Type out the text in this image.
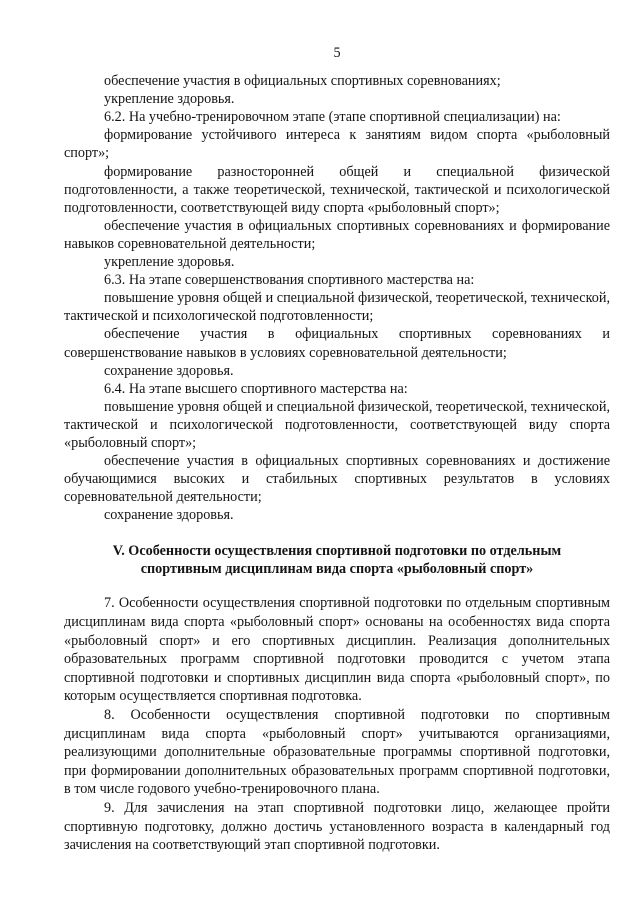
5

обеспечение участия в официальных спортивных соревнованиях;

укрепление здоровья.

6.2. На учебно-тренировочном этапе (этапе спортивной специализации) на:

формирование устойчивого интереса к занятиям видом спорта «рыболовный спорт»;

формирование разносторонней общей и специальной физической подготовленности, а также теоретической, технической, тактической и психологической подготовленности, соответствующей виду спорта «рыболовный спорт»;

обеспечение участия в официальных спортивных соревнованиях и формирование навыков соревновательной деятельности;

укрепление здоровья.

6.3. На этапе совершенствования спортивного мастерства на:

повышение уровня общей и специальной физической, теоретической, технической, тактической и психологической подготовленности;

обеспечение участия в официальных спортивных соревнованиях и совершенствование навыков в условиях соревновательной деятельности;

сохранение здоровья.

6.4. На этапе высшего спортивного мастерства на:

повышение уровня общей и специальной физической, теоретической, технической, тактической и психологической подготовленности, соответствующей виду спорта «рыболовный спорт»;

обеспечение участия в официальных спортивных соревнованиях и достижение обучающимися высоких и стабильных спортивных результатов в условиях соревновательной деятельности;

сохранение здоровья.

V. Особенности осуществления спортивной подготовки по отдельным
спортивным дисциплинам вида спорта «рыболовный спорт»

7. Особенности осуществления спортивной подготовки по отдельным спортивным дисциплинам вида спорта «рыболовный спорт» основаны на особенностях вида спорта «рыболовный спорт» и его спортивных дисциплин. Реализация дополнительных образовательных программ спортивной подготовки проводится с учетом этапа спортивной подготовки и спортивных дисциплин вида спорта «рыболовный спорт», по которым осуществляется спортивная подготовка.

8. Особенности осуществления спортивной подготовки по спортивным дисциплинам вида спорта «рыболовный спорт» учитываются организациями, реализующими дополнительные образовательные программы спортивной подготовки, при формировании дополнительных образовательных программ спортивной подготовки, в том числе годового учебно-тренировочного плана.

9. Для зачисления на этап спортивной подготовки лицо, желающее пройти спортивную подготовку, должно достичь установленного возраста в календарный год зачисления на соответствующий этап спортивной подготовки.
